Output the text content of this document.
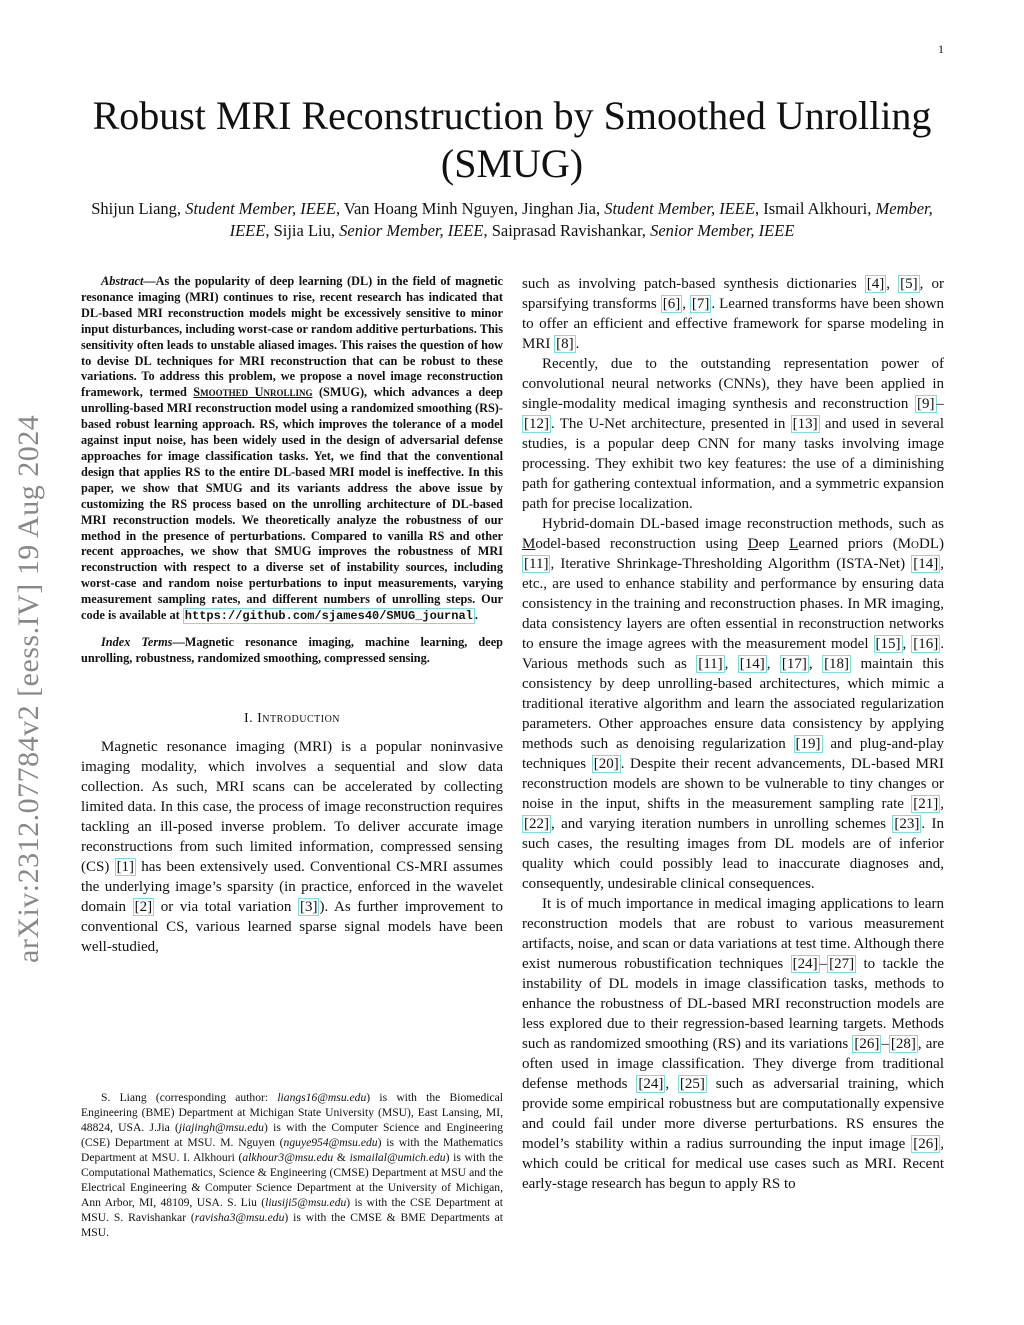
1
arXiv:2312.07784v2 [eess.IV] 19 Aug 2024
Robust MRI Reconstruction by Smoothed Unrolling (SMUG)
Shijun Liang, Student Member, IEEE, Van Hoang Minh Nguyen, Jinghan Jia, Student Member, IEEE, Ismail Alkhouri, Member, IEEE, Sijia Liu, Senior Member, IEEE, Saiprasad Ravishankar, Senior Member, IEEE
Abstract—As the popularity of deep learning (DL) in the field of magnetic resonance imaging (MRI) continues to rise, recent research has indicated that DL-based MRI reconstruction models might be excessively sensitive to minor input disturbances, including worst-case or random additive perturbations. This sensitivity often leads to unstable aliased images. This raises the question of how to devise DL techniques for MRI reconstruction that can be robust to these variations. To address this problem, we propose a novel image reconstruction framework, termed Smoothed Unrolling (SMUG), which advances a deep unrolling-based MRI reconstruction model using a randomized smoothing (RS)-based robust learning approach. RS, which improves the tolerance of a model against input noise, has been widely used in the design of adversarial defense approaches for image classification tasks. Yet, we find that the conventional design that applies RS to the entire DL-based MRI model is ineffective. In this paper, we show that SMUG and its variants address the above issue by customizing the RS process based on the unrolling architecture of DL-based MRI reconstruction models. We theoretically analyze the robustness of our method in the presence of perturbations. Compared to vanilla RS and other recent approaches, we show that SMUG improves the robustness of MRI reconstruction with respect to a diverse set of instability sources, including worst-case and random noise perturbations to input measurements, varying measurement sampling rates, and different numbers of unrolling steps. Our code is available at https://github.com/sjames40/SMUG_journal .
Index Terms—Magnetic resonance imaging, machine learning, deep unrolling, robustness, randomized smoothing, compressed sensing.
I. Introduction

Magnetic resonance imaging (MRI) is a popular noninvasive imaging modality, which involves a sequential and slow data collection. As such, MRI scans can be accelerated by collecting limited data. In this case, the process of image reconstruction requires tackling an ill-posed inverse problem. To deliver accurate image reconstructions from such limited information, compressed sensing (CS) [1] has been extensively used. Conventional CS-MRI assumes the underlying image’s sparsity (in practice, enforced in the wavelet domain [2] or via total variation [3] ). As further improvement to conventional CS, various learned sparse signal models have been well-studied,

S. Liang (corresponding author: liangs16@msu.edu) is with the Biomedical Engineering (BME) Department at Michigan State University (MSU), East Lansing, MI, 48824, USA. J.Jia (jiajingh@msu.edu) is with the Computer Science and Engineering (CSE) Department at MSU. M. Nguyen (nguye954@msu.edu) is with the Mathematics Department at MSU. I. Alkhouri (alkhour3@msu.edu & ismailal@umich.edu) is with the Computational Mathematics, Science & Engineering (CMSE) Department at MSU and the Electrical Engineering & Computer Science Department at the University of Michigan, Ann Arbor, MI, 48109, USA. S. Liu (liusiji5@msu.edu) is with the CSE Department at MSU. S. Ravishankar (ravisha3@msu.edu) is with the CMSE & BME Departments at MSU.

such as involving patch-based synthesis dictionaries [4] , [5] , or sparsifying transforms [6] , [7] . Learned transforms have been shown to offer an efficient and effective framework for sparse modeling in MRI [8] .

Recently, due to the outstanding representation power of convolutional neural networks (CNNs), they have been applied in single-modality medical imaging synthesis and reconstruction [9] –[12] . The U-Net architecture, presented in [13] and used in several studies, is a popular deep CNN for many tasks involving image processing. They exhibit two key features: the use of a diminishing path for gathering contextual information, and a symmetric expansion path for precise localization.

Hybrid-domain DL-based image reconstruction methods, such as Model-based reconstruction using Deep Learned priors (MoDL) [11] , Iterative Shrinkage-Thresholding Algorithm (ISTA-Net) [14] , etc., are used to enhance stability and performance by ensuring data consistency in the training and reconstruction phases. In MR imaging, data consistency layers are often essential in reconstruction networks to ensure the image agrees with the measurement model [15] , [16] . Various methods such as [11] , [14] , [17] , [18] maintain this consistency by deep unrolling-based architectures, which mimic a traditional iterative algorithm and learn the associated regularization parameters. Other approaches ensure data consistency by applying methods such as denoising regularization [19] and plug-and-play techniques [20] . Despite their recent advancements, DL-based MRI reconstruction models are shown to be vulnerable to tiny changes or noise in the input, shifts in the measurement sampling rate [21] , [22] , and varying iteration numbers in unrolling schemes [23] . In such cases, the resulting images from DL models are of inferior quality which could possibly lead to inaccurate diagnoses and, consequently, undesirable clinical consequences.

It is of much importance in medical imaging applications to learn reconstruction models that are robust to various measurement artifacts, noise, and scan or data variations at test time. Although there exist numerous robustification techniques [24] – [27] to tackle the instability of DL models in image classification tasks, methods to enhance the robustness of DL-based MRI reconstruction models are less explored due to their regression-based learning targets. Methods such as randomized smoothing (RS) and its variations [26] – [28] , are often used in image classification. They diverge from traditional defense methods [24] , [25] such as adversarial training, which provide some empirical robustness but are computationally expensive and could fail under more diverse perturbations. RS ensures the model’s stability within a radius surrounding the input image [26] , which could be critical for medical use cases such as MRI. Recent early-stage research has begun to apply RS to
